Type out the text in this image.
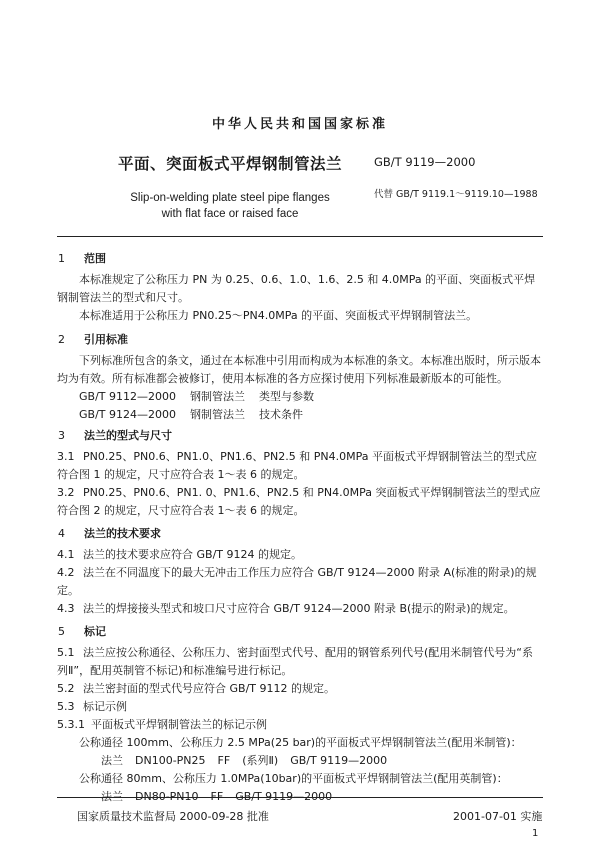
中华人民共和国国家标准
平面、突面板式平焊钢制管法兰	GB/T 9119—2000
代替 GB/T 9119.1～9119.10—1988
Slip-on-welding plate steel pipe flanges
with flat face or raised face
1 范围

本标准规定了公称压力 PN 为 0.25、0.6、1.0、1.6、2.5 和 4.0MPa 的平面、突面板式平焊钢制管法兰的型式和尺寸。

本标准适用于公称压力 PN0.25～PN4.0MPa 的平面、突面板式平焊钢制管法兰。

2 引用标准

下列标准所包含的条文，通过在本标准中引用而构成为本标准的条文。本标准出版时，所示版本均为有效。所有标准都会被修订，使用本标准的各方应探讨使用下列标准最新版本的可能性。

GB/T 9112—2000 钢制管法兰 类型与参数
GB/T 9124—2000 钢制管法兰 技术条件
3 法兰的型式与尺寸

3.1 PN0.25、PN0.6、PN1.0、PN1.6、PN2.5 和 PN4.0MPa 平面板式平焊钢制管法兰的型式应符合图 1 的规定，尺寸应符合表 1～表 6 的规定。

3.2 PN0.25、PN0.6、PN1. 0、PN1.6、PN2.5 和 PN4.0MPa 突面板式平焊钢制管法兰的型式应符合图 2 的规定，尺寸应符合表 1～表 6 的规定。

4 法兰的技术要求

4.1 法兰的技术要求应符合 GB/T 9124 的规定。

4.2 法兰在不同温度下的最大无冲击工作压力应符合 GB/T 9124—2000 附录 A(标准的附录)的规定。

4.3 法兰的焊接接头型式和坡口尺寸应符合 GB/T 9124—2000 附录 B(提示的附录)的规定。

5 标记

5.1 法兰应按公称通径、公称压力、密封面型式代号、配用的钢管系列代号(配用米制管代号为“系列Ⅱ”，配用英制管不标记)和标准编号进行标记。

5.2 法兰密封面的型式代号应符合 GB/T 9112 的规定。

5.3 标记示例

5.3.1 平面板式平焊钢制管法兰的标记示例

公称通径 100mm、公称压力 2.5 MPa(25 bar)的平面板式平焊钢制管法兰(配用米制管)：

法兰 DN100-PN25 FF (系列Ⅱ) GB/T 9119—2000

公称通径 80mm、公称压力 1.0MPa(10bar)的平面板式平焊钢制管法兰(配用英制管)：

法兰 DN80-PN10 FF GB/T 9119—2000
国家质量技术监督局 2000-09-28 批准	2001-07-01 实施
1
